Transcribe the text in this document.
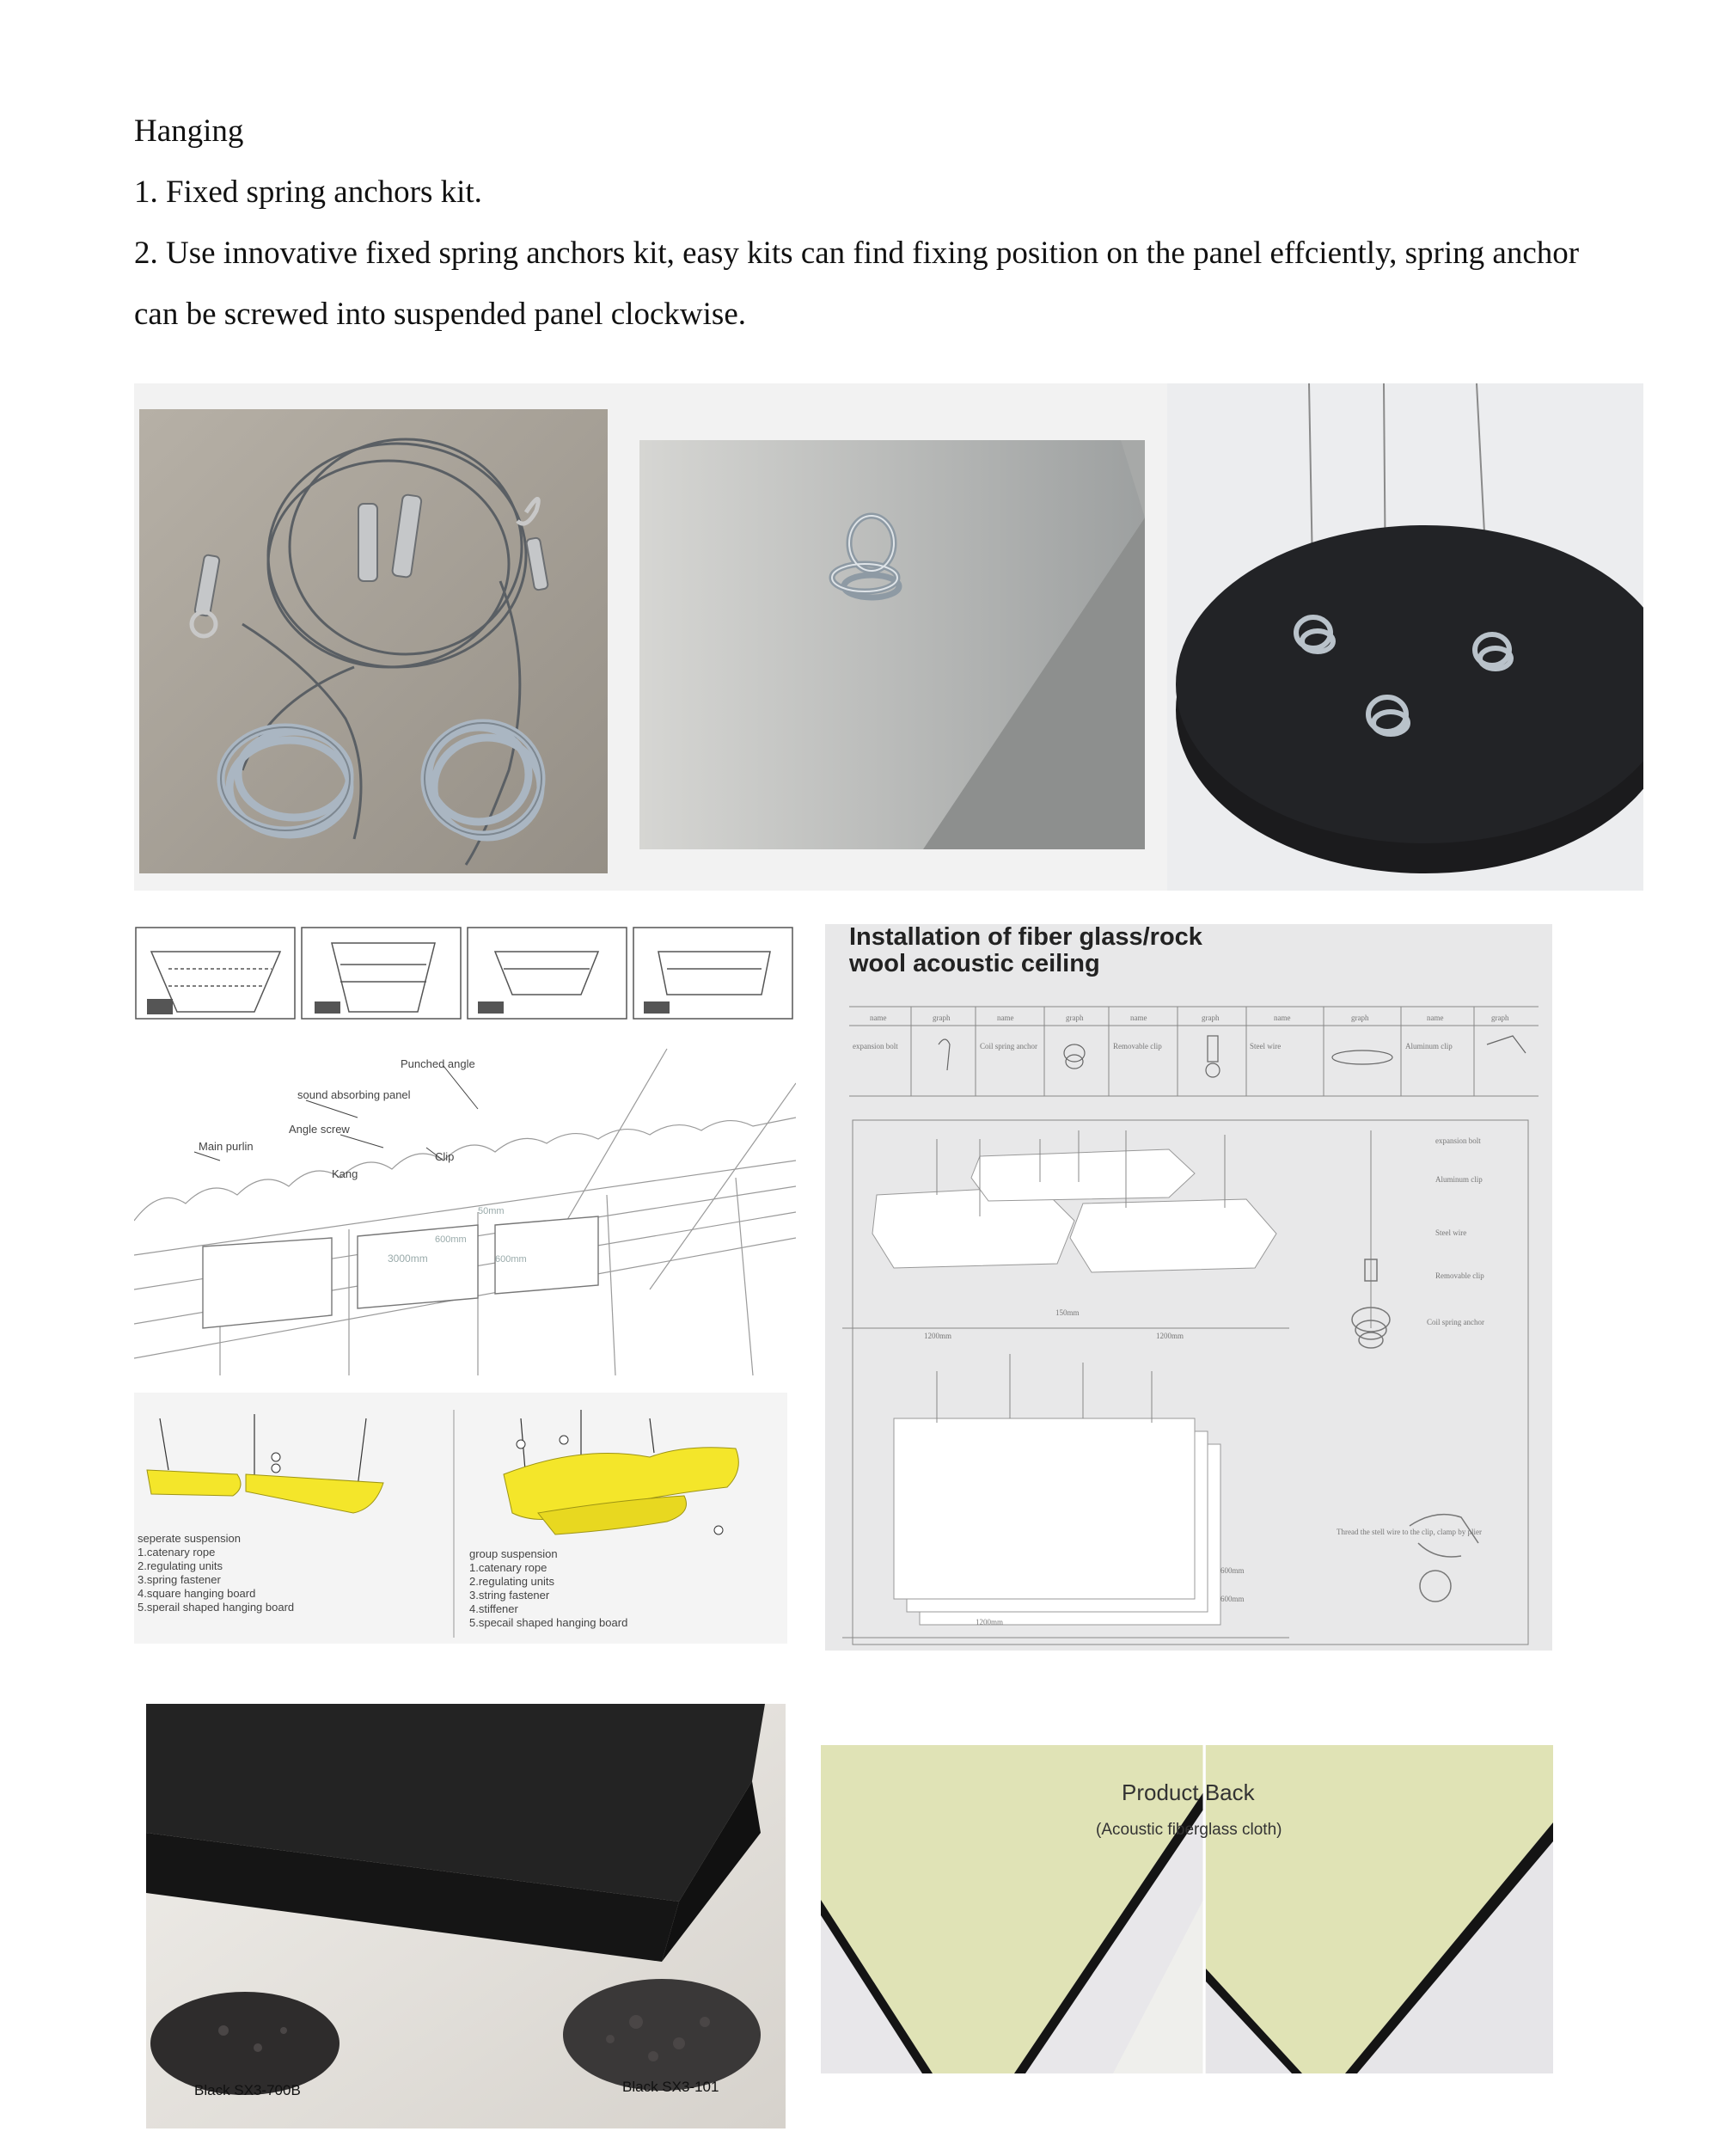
Hanging
1. Fixed spring anchors kit.
2. Use innovative fixed spring anchors kit, easy kits can find fixing position on the panel effciently, spring anchor can be screwed into suspended panel clockwise.
Punched angle
sound absorbing panel
Angle screw
Main purlin
Clip
Kang
3000mm
600mm
600mm
50mm
seperate suspension
1.catenary rope
2.regulating units
3.spring fastener
4.square hanging board
5.sperail shaped hanging board
group suspension
1.catenary rope
2.regulating units
3.string fastener
4.stiffener
5.specail shaped hanging board
Installation of fiber glass/rock
wool acoustic ceiling
name	graph	name	graph	name	graph	name	graph	name	graph
expansion bolt	Coil spring anchor	Removable clip	Steel wire	Aluminum clip
1200mm	1200mm
150mm
1200mm
600mm
600mm
expansion bolt
Aluminum clip
Steel wire
Removable clip
Coil spring anchor
Thread the stell wire to the clip, clamp by plier
Black SX3-700B	Black SX3-101
Product Back
(Acoustic fiberglass cloth)
